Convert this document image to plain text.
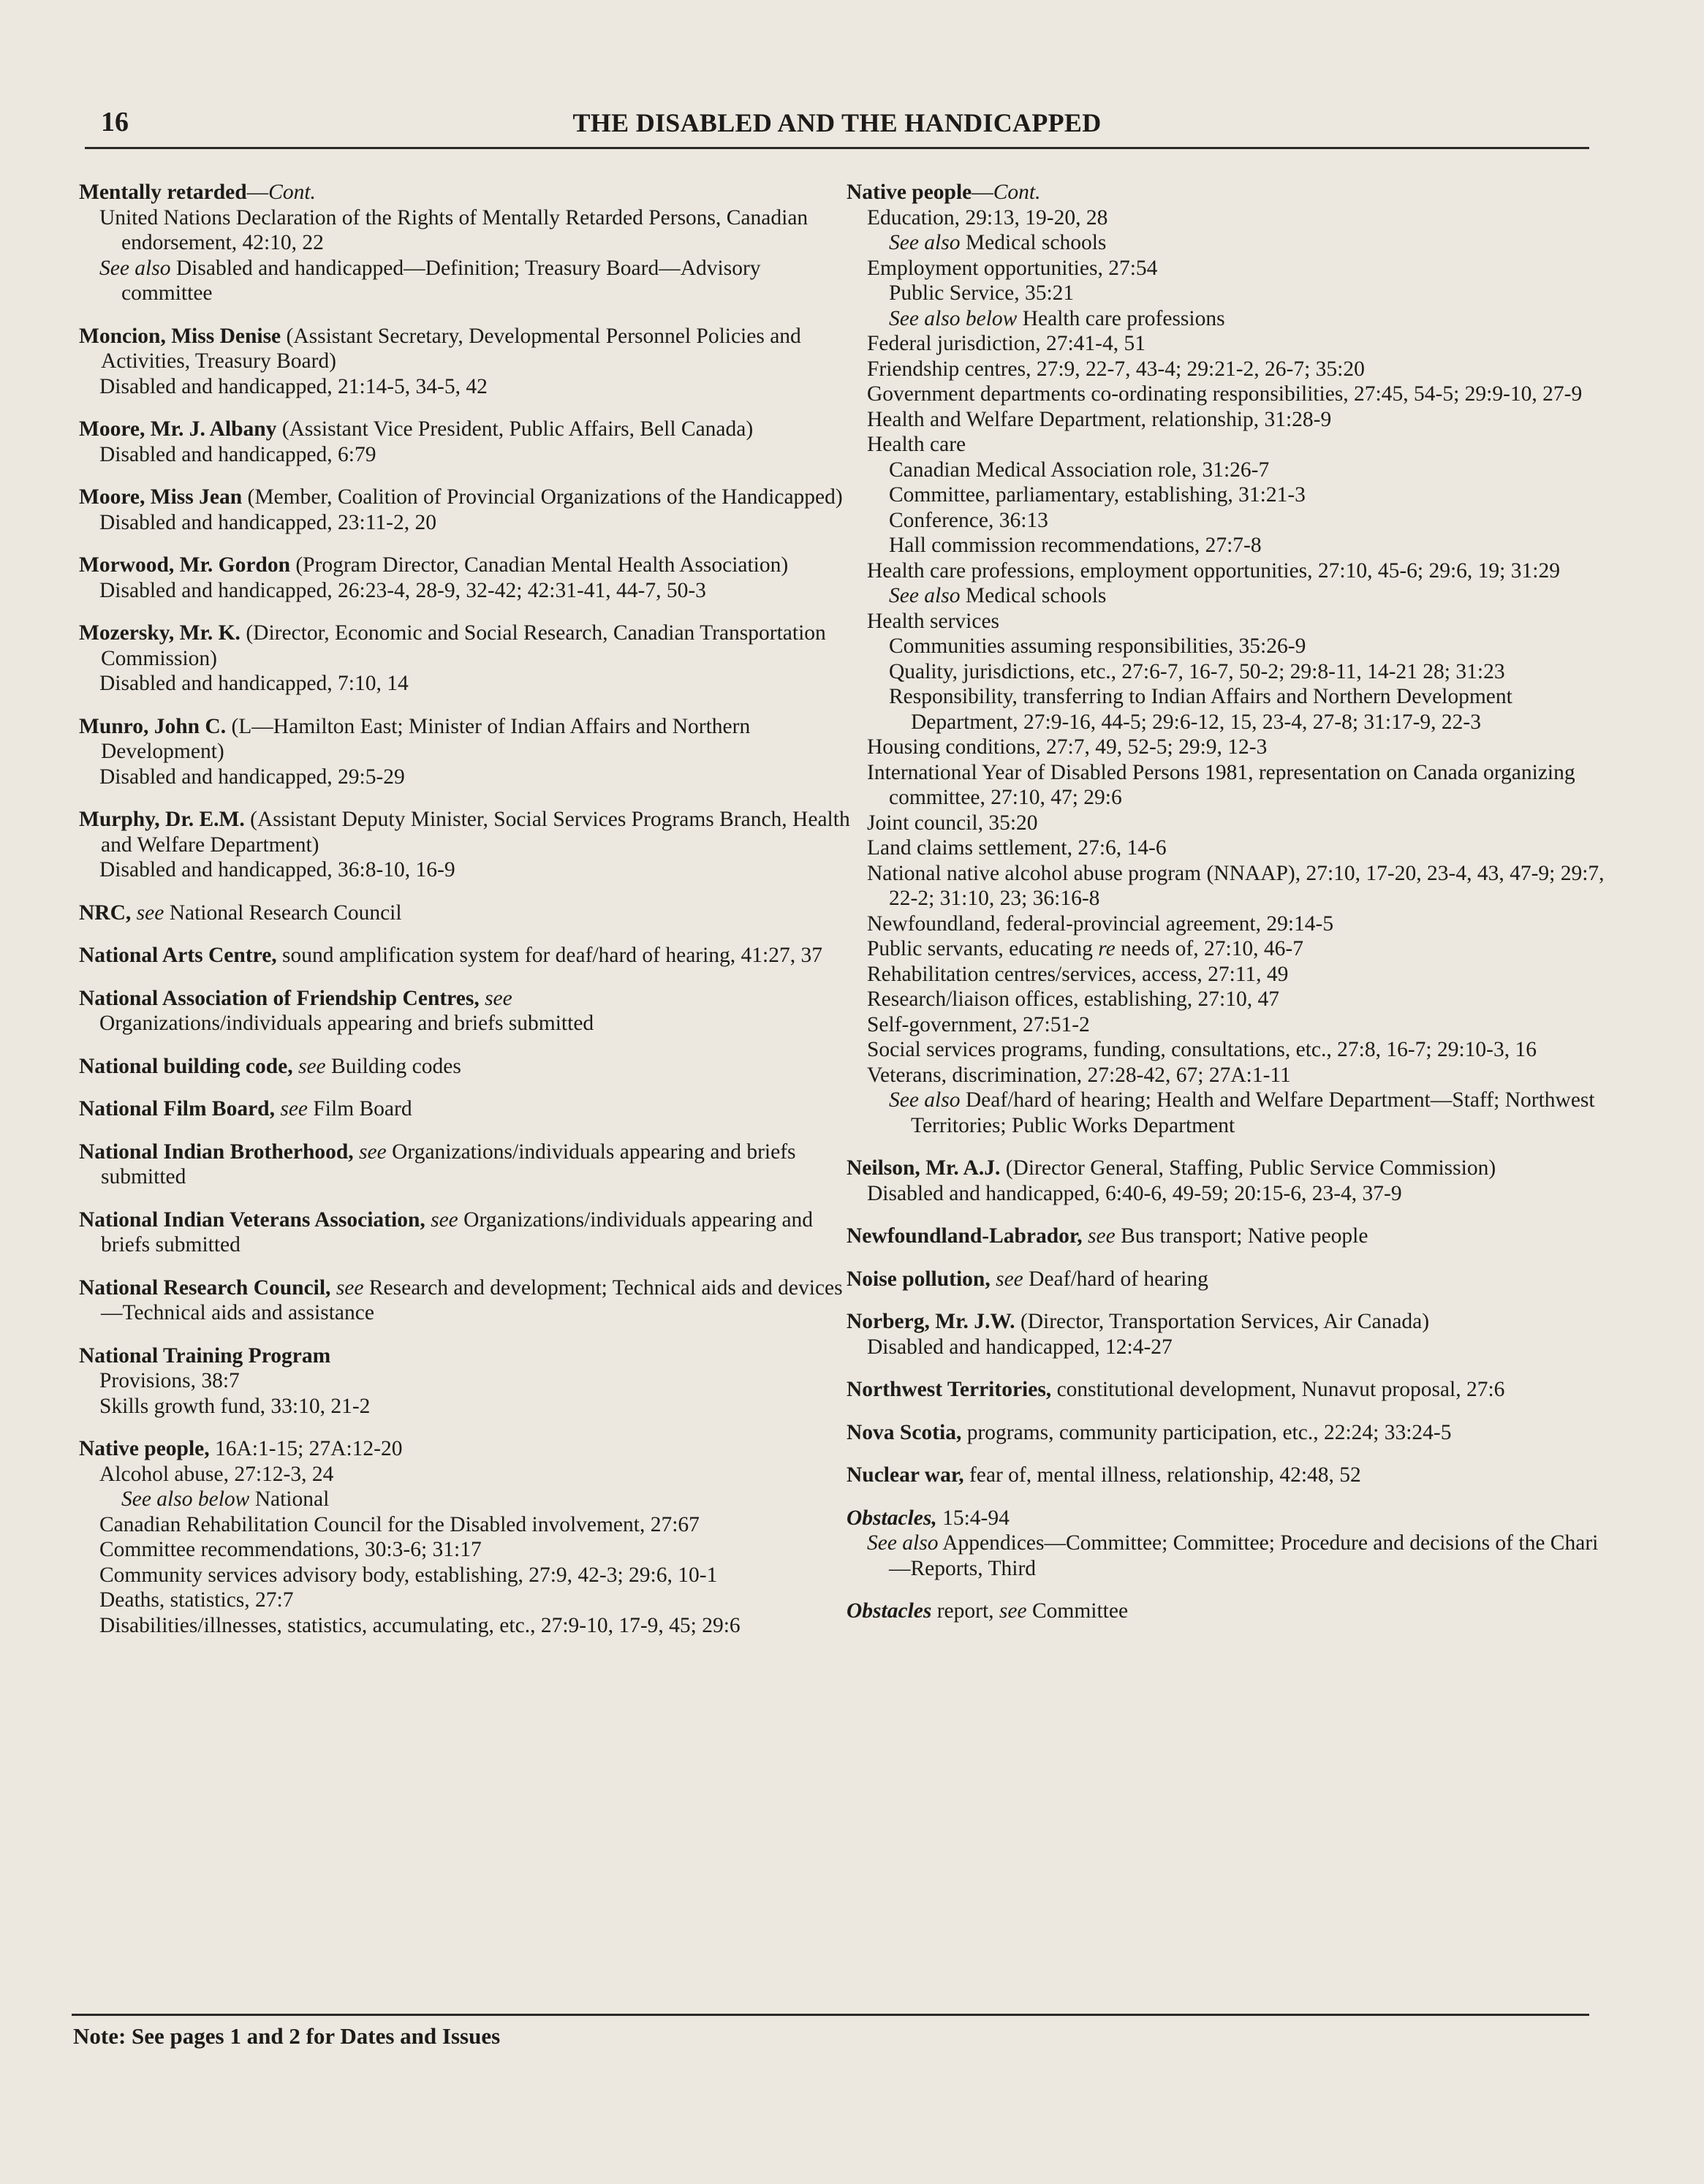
16	THE DISABLED AND THE HANDICAPPED

Mentally retarded—Cont.

United Nations Declaration of the Rights of Mentally Retarded Persons, Canadian endorsement, 42:10, 22

See also Disabled and handicapped—Definition; Treasury Board—Advisory committee

Moncion, Miss Denise (Assistant Secretary, Developmental Personnel Policies and Activities, Treasury Board)

Disabled and handicapped, 21:14-5, 34-5, 42

Moore, Mr. J. Albany (Assistant Vice President, Public Affairs, Bell Canada)

Disabled and handicapped, 6:79

Moore, Miss Jean (Member, Coalition of Provincial Organizations of the Handicapped)

Disabled and handicapped, 23:11-2, 20

Morwood, Mr. Gordon (Program Director, Canadian Mental Health Association)

Disabled and handicapped, 26:23-4, 28-9, 32-42; 42:31-41, 44-7, 50-3

Mozersky, Mr. K. (Director, Economic and Social Research, Canadian Transportation Commission)

Disabled and handicapped, 7:10, 14

Munro, John C. (L—Hamilton East; Minister of Indian Affairs and Northern Development)

Disabled and handicapped, 29:5-29

Murphy, Dr. E.M. (Assistant Deputy Minister, Social Services Programs Branch, Health and Welfare Department)

Disabled and handicapped, 36:8-10, 16-9

NRC, see National Research Council

National Arts Centre, sound amplification system for deaf/hard of hearing, 41:27, 37

National Association of Friendship Centres, see

Organizations/individuals appearing and briefs submitted

National building code, see Building codes

National Film Board, see Film Board

National Indian Brotherhood, see Organizations/individuals appearing and briefs submitted

National Indian Veterans Association, see Organizations/individuals appearing and briefs submitted

National Research Council, see Research and development; Technical aids and devices—Technical aids and assistance

National Training Program

Provisions, 38:7

Skills growth fund, 33:10, 21-2

Native people, 16A:1-15; 27A:12-20

Alcohol abuse, 27:12-3, 24

See also below National

Canadian Rehabilitation Council for the Disabled involvement, 27:67

Committee recommendations, 30:3-6; 31:17

Community services advisory body, establishing, 27:9, 42-3; 29:6, 10-1

Deaths, statistics, 27:7

Disabilities/illnesses, statistics, accumulating, etc., 27:9-10, 17-9, 45; 29:6

Native people—Cont.

Education, 29:13, 19-20, 28

See also Medical schools

Employment opportunities, 27:54

Public Service, 35:21

See also below Health care professions

Federal jurisdiction, 27:41-4, 51

Friendship centres, 27:9, 22-7, 43-4; 29:21-2, 26-7; 35:20

Government departments co-ordinating responsibilities, 27:45, 54-5; 29:9-10, 27-9

Health and Welfare Department, relationship, 31:28-9

Health care

Canadian Medical Association role, 31:26-7

Committee, parliamentary, establishing, 31:21-3

Conference, 36:13

Hall commission recommendations, 27:7-8

Health care professions, employment opportunities, 27:10, 45-6; 29:6, 19; 31:29

See also Medical schools

Health services

Communities assuming responsibilities, 35:26-9

Quality, jurisdictions, etc., 27:6-7, 16-7, 50-2; 29:8-11, 14-21 28; 31:23

Responsibility, transferring to Indian Affairs and Northern Development Department, 27:9-16, 44-5; 29:6-12, 15, 23-4, 27-8; 31:17-9, 22-3

Housing conditions, 27:7, 49, 52-5; 29:9, 12-3

International Year of Disabled Persons 1981, representation on Canada organizing committee, 27:10, 47; 29:6

Joint council, 35:20

Land claims settlement, 27:6, 14-6

National native alcohol abuse program (NNAAP), 27:10, 17-20, 23-4, 43, 47-9; 29:7, 22-2; 31:10, 23; 36:16-8

Newfoundland, federal-provincial agreement, 29:14-5

Public servants, educating re needs of, 27:10, 46-7

Rehabilitation centres/services, access, 27:11, 49

Research/liaison offices, establishing, 27:10, 47

Self-government, 27:51-2

Social services programs, funding, consultations, etc., 27:8, 16-7; 29:10-3, 16

Veterans, discrimination, 27:28-42, 67; 27A:1-11

See also Deaf/hard of hearing; Health and Welfare Department—Staff; Northwest Territories; Public Works Department

Neilson, Mr. A.J. (Director General, Staffing, Public Service Commission)

Disabled and handicapped, 6:40-6, 49-59; 20:15-6, 23-4, 37-9

Newfoundland-Labrador, see Bus transport; Native people

Noise pollution, see Deaf/hard of hearing

Norberg, Mr. J.W. (Director, Transportation Services, Air Canada)

Disabled and handicapped, 12:4-27

Northwest Territories, constitutional development, Nunavut proposal, 27:6

Nova Scotia, programs, community participation, etc., 22:24; 33:24-5

Nuclear war, fear of, mental illness, relationship, 42:48, 52

Obstacles, 15:4-94

See also Appendices—Committee; Committee; Procedure and decisions of the Chari—Reports, Third

Obstacles report, see Committee

Note: See pages 1 and 2 for Dates and Issues
